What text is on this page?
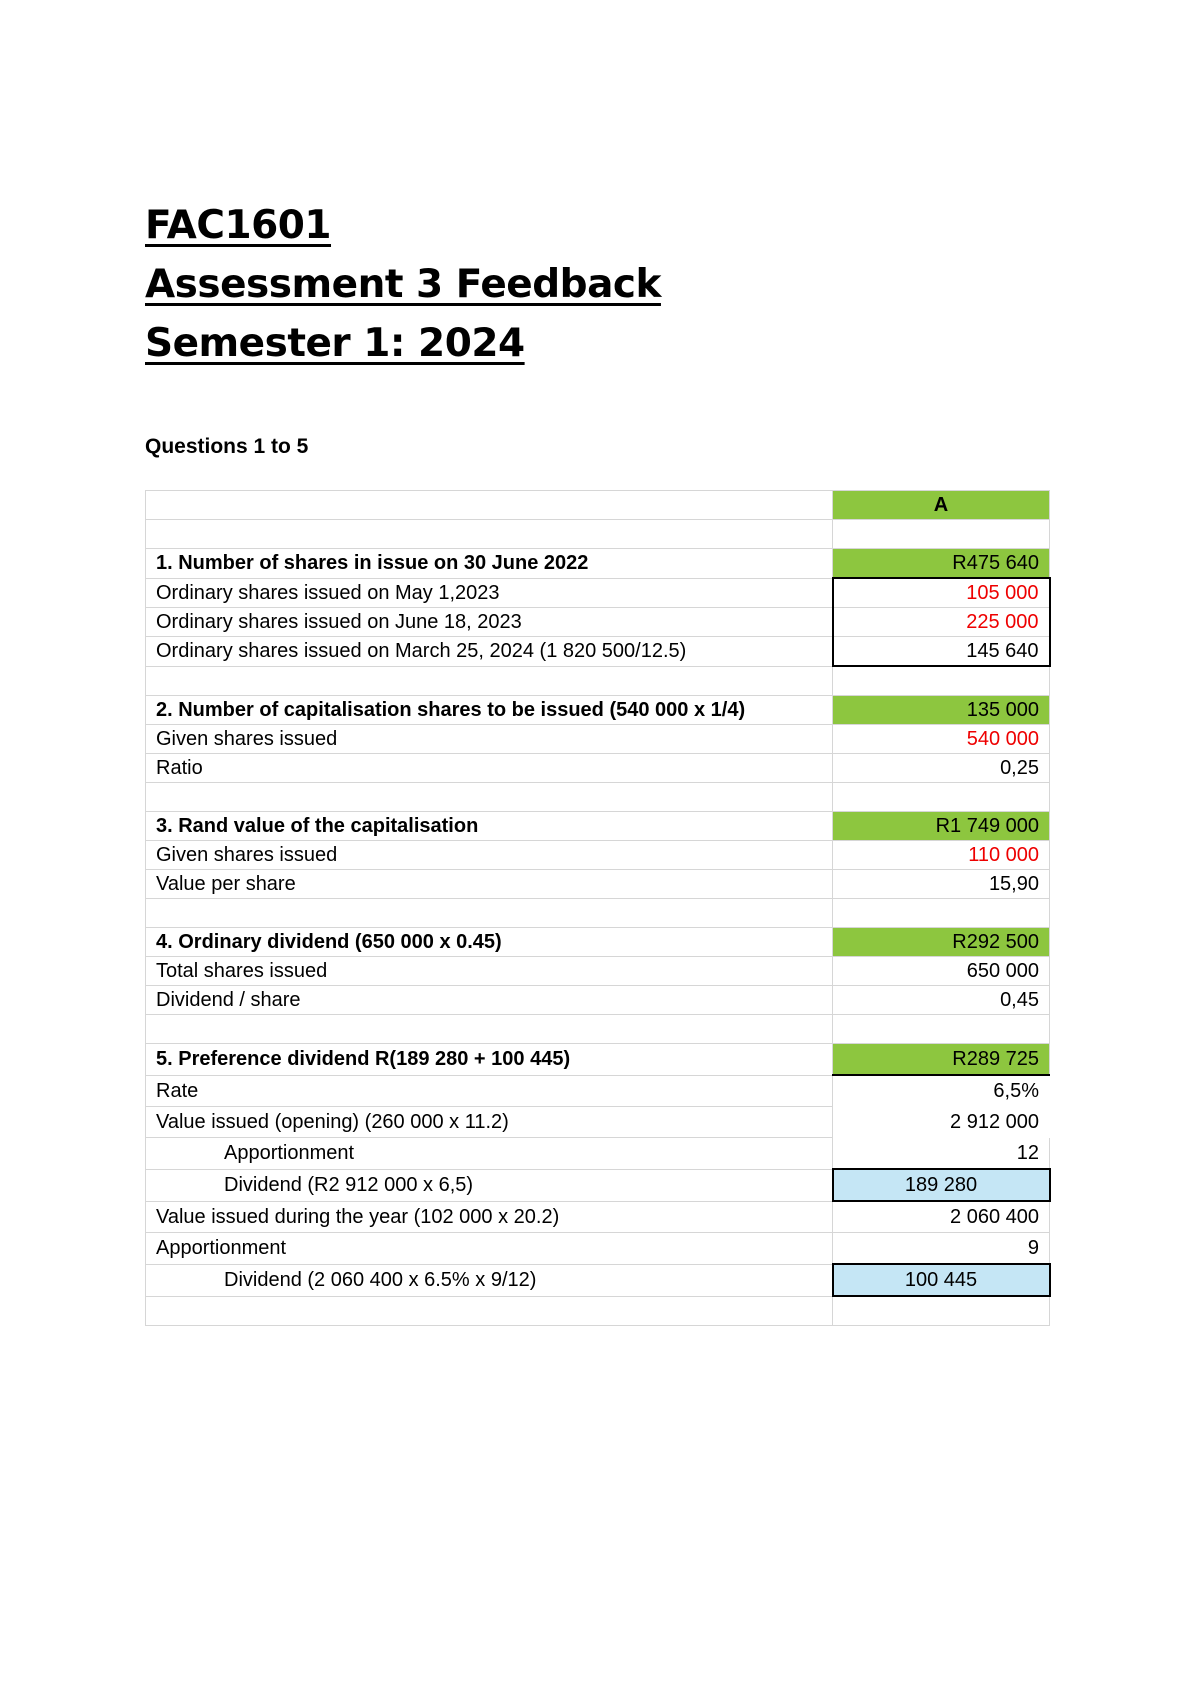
FAC1601
Assessment 3 Feedback
Semester 1: 2024
Questions 1 to 5
	A

1. Number of shares in issue on 30 June 2022	R475 640
Ordinary shares issued on May 1,2023	105 000
Ordinary shares issued on June 18, 2023	225 000
Ordinary shares issued on March 25, 2024 (1 820 500/12.5)	145 640

2. Number of capitalisation shares to be issued (540 000 x 1/4)	135 000
Given shares issued	540 000
Ratio	0,25

3. Rand value of the capitalisation	R1 749 000
Given shares issued	110 000
Value per share	15,90

4. Ordinary dividend (650 000 x 0.45)	R292 500
Total shares issued	650 000
Dividend / share	0,45

5. Preference dividend R(189 280 + 100 445)	R289 725
Rate	6,5%
Value issued (opening) (260 000 x 11.2)	2 912 000
Apportionment	12
Dividend (R2 912 000 x 6,5)	189 280
Value issued during the year (102 000 x 20.2)	2 060 400
Apportionment	9
Dividend (2 060 400 x 6.5% x 9/12)	100 445
